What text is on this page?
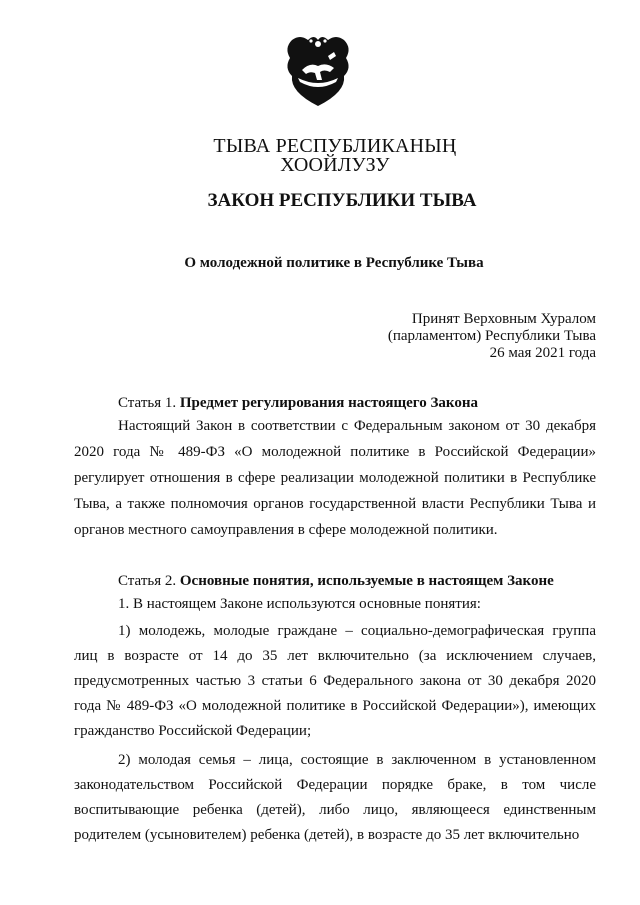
ТЫВА РЕСПУБЛИКАНЫҢ
ХООЙЛУЗУ
ЗАКОН РЕСПУБЛИКИ ТЫВА
О молодежной политике в Республике Тыва
Принят Верховным Хуралом
(парламентом) Республики Тыва
26 мая 2021 года

Статья 1. Предмет регулирования настоящего Закона

Настоящий Закон в соответствии с Федеральным законом от 30 декабря 2020 года № 489-ФЗ «О молодежной политике в Российской Федерации» регулирует отношения в сфере реализации молодежной политики в Республике Тыва, а также полномочия органов государственной власти Республики Тыва и органов местного самоуправления в сфере молодежной политики.

Статья 2. Основные понятия, используемые в настоящем Законе

1. В настоящем Законе используются основные понятия:

1) молодежь, молодые граждане – социально-демографическая группа лиц в возрасте от 14 до 35 лет включительно (за исключением случаев, предусмотренных частью 3 статьи 6 Федерального закона от 30 декабря 2020 года № 489-ФЗ «О молодежной политике в Российской Федерации»), имеющих гражданство Российской Федерации;

2) молодая семья – лица, состоящие в заключенном в установленном законодательством Российской Федерации порядке браке, в том числе воспитывающие ребенка (детей), либо лицо, являющееся единственным родителем (усыновителем) ребенка (детей), в возрасте до 35 лет включительно
